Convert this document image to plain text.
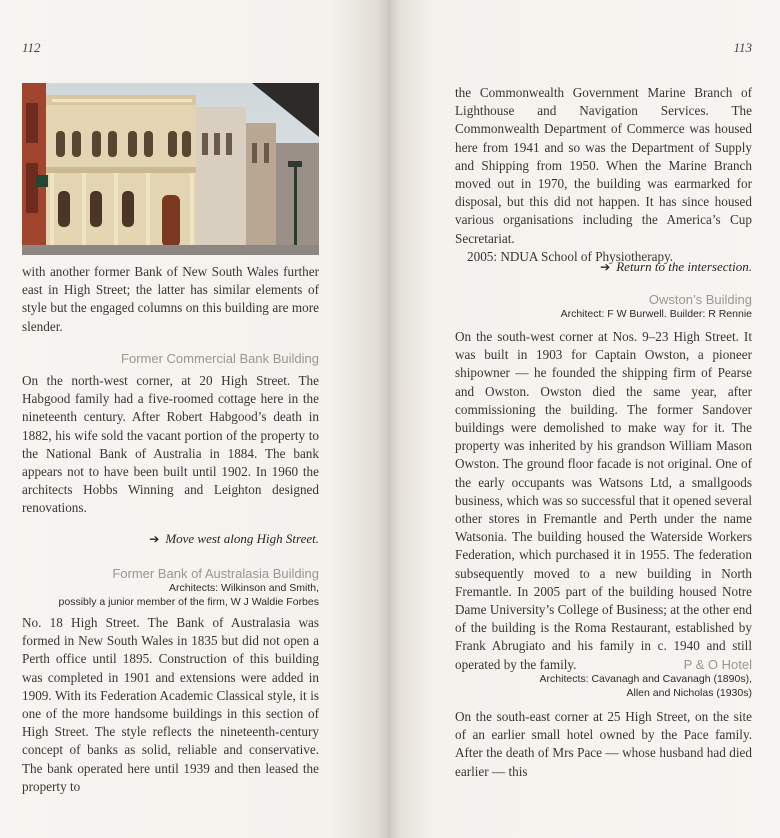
112

with another former Bank of New South Wales further east in High Street; the latter has similar elements of style but the engaged columns on this building are more slender.

Former Commercial Bank Building

On the north-west corner, at 20 High Street. The Habgood family had a five-roomed cottage here in the nineteenth century. After Robert Habgood’s death in 1882, his wife sold the vacant portion of the property to the National Bank of Australia in 1884. The bank appears not to have been built until 1902. In 1960 the architects Hobbs Winning and Leighton designed renovations.

➔ Move west along High Street.

Former Bank of Australasia Building

Architects: Wilkinson and Smith,

possibly a junior member of the firm, W J Waldie Forbes

No. 18 High Street. The Bank of Australasia was formed in New South Wales in 1835 but did not open a Perth office until 1895. Construction of this building was completed in 1901 and extensions were added in 1909. With its Federation Academic Classical style, it is one of the more handsome buildings in this section of High Street. The style reflects the nineteenth-century concept of banks as solid, reliable and conservative. The bank operated here until 1939 and then leased the property to

113

the Commonwealth Government Marine Branch of Lighthouse and Navigation Services. The Commonwealth Department of Commerce was housed here from 1941 and so was the Department of Supply and Shipping from 1950. When the Marine Branch moved out in 1970, the building was earmarked for disposal, but this did not happen. It has since housed various organisations including the America’s Cup Secretariat.

2005: NDUA School of Physiotherapy.

➔ Return to the intersection.

Owston’s Building

Architect: F W Burwell. Builder: R Rennie

On the south-west corner at Nos. 9–23 High Street. It was built in 1903 for Captain Owston, a pioneer shipowner — he founded the shipping firm of Pearse and Owston. Owston died the same year, after commissioning the building. The former Sandover buildings were demolished to make way for it. The property was inherited by his grandson William Mason Owston. The ground floor facade is not original. One of the early occupants was Watsons Ltd, a smallgoods business, which was so successful that it opened several other stores in Fremantle and Perth under the name Watsonia. The building housed the Waterside Workers Federation, which purchased it in 1955. The federation subsequently moved to a new building in North Fremantle. In 2005 part of the building housed Notre Dame University’s College of Business; at the other end of the building is the Roma Restaurant, established by Frank Abrugiato and his family in c. 1940 and still operated by the family.	P & O Hotel

Architects: Cavanagh and Cavanagh (1890s),

Allen and Nicholas (1930s)

On the south-east corner at 25 High Street, on the site of an earlier small hotel owned by the Pace family. After the death of Mrs Pace — whose husband had died earlier — this
